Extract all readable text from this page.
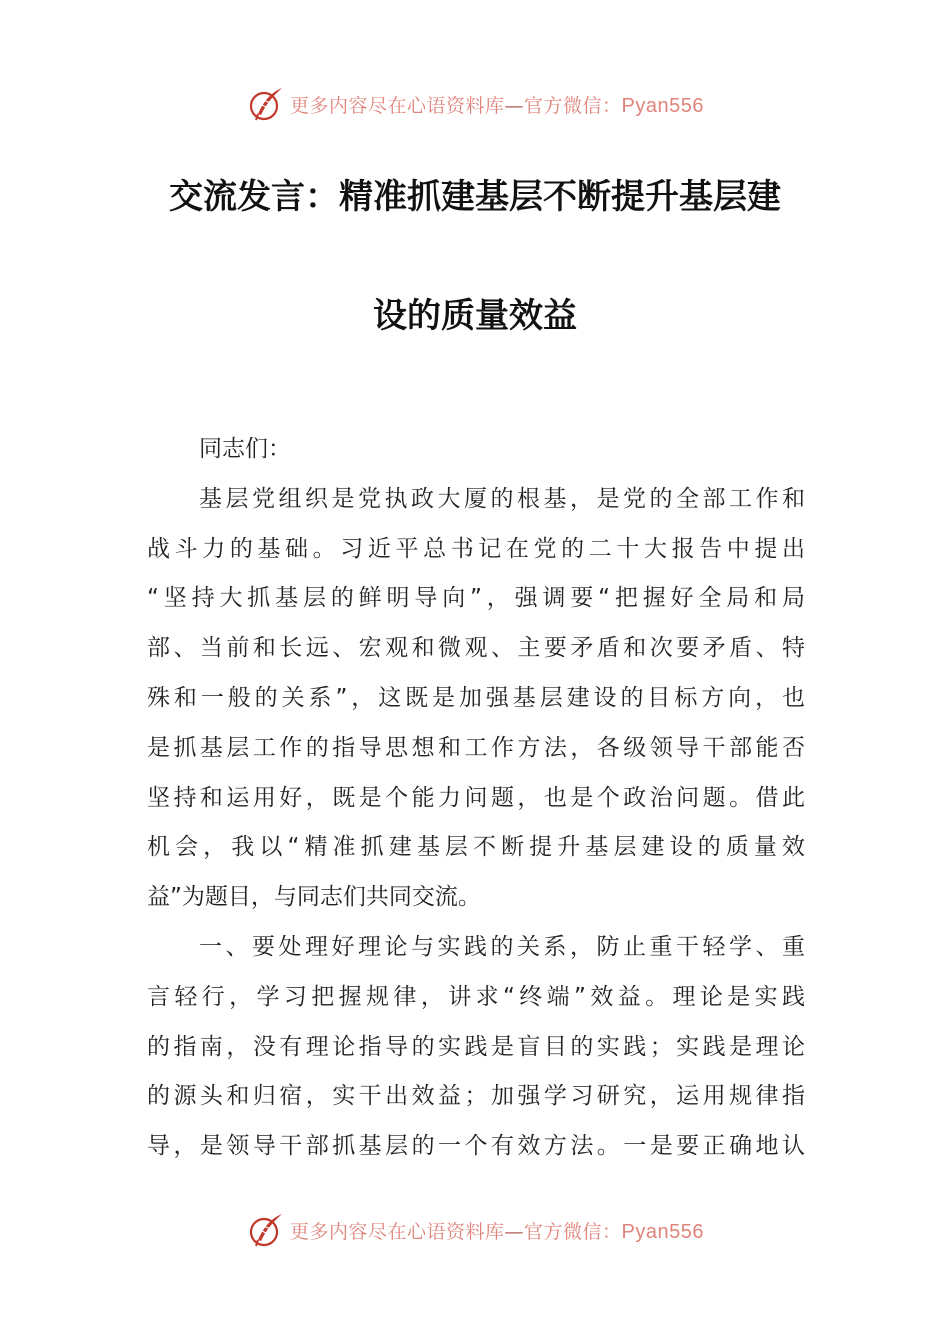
更多内容尽在心语资料库—官方微信：Pyan556
交流发言：精准抓建基层不断提升基层建
设的质量效益
同志们：
基层党组织是党执政大厦的根基，是党的全部工作和
战斗力的基础。习近平总书记在党的二十大报告中提出
“坚持大抓基层的鲜明导向”，强调要“把握好全局和局
部、当前和长远、宏观和微观、主要矛盾和次要矛盾、特
殊和一般的关系”，这既是加强基层建设的目标方向，也
是抓基层工作的指导思想和工作方法，各级领导干部能否
坚持和运用好，既是个能力问题，也是个政治问题。借此
机会，我以“精准抓建基层不断提升基层建设的质量效
益”为题目，与同志们共同交流。
一、要处理好理论与实践的关系，防止重干轻学、重
言轻行，学习把握规律，讲求“终端”效益。理论是实践
的指南，没有理论指导的实践是盲目的实践；实践是理论
的源头和归宿，实干出效益；加强学习研究，运用规律指
导，是领导干部抓基层的一个有效方法。一是要正确地认
更多内容尽在心语资料库—官方微信：Pyan556
